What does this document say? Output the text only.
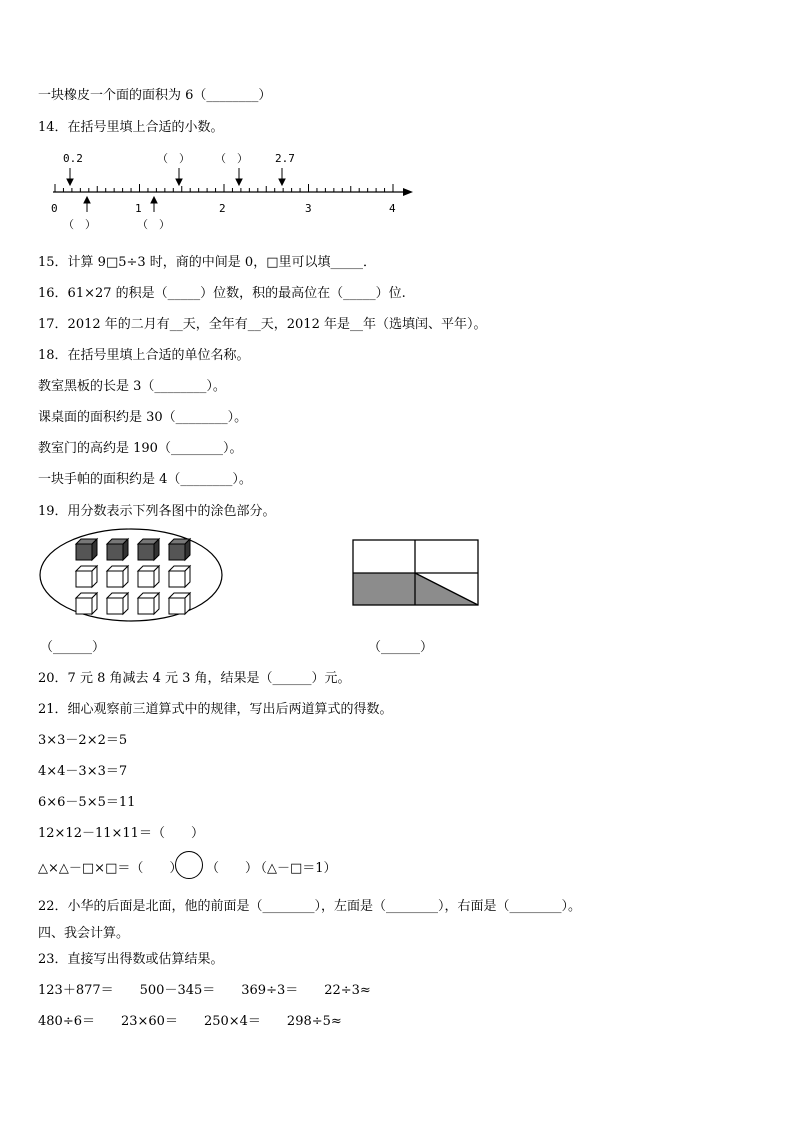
一块橡皮一个面的面积为 6（________）
14．在括号里填上合适的小数。
0	1	2	3	4
0.2	（　） （　） 2.7
（　）	（　）
15．计算 9□5÷3 时，商的中间是 0，□里可以填_____．
16．61×27 的积是（_____）位数，积的最高位在（_____）位.
17．2012 年的二月有__天，全年有__天，2012 年是__年（选填闰、平年）。
18．在括号里填上合适的单位名称。
教室黑板的长是 3（________）。
课桌面的面积约是 30（________）。
教室门的高约是 190（________）。
一块手帕的面积约是 4（________）。
19．用分数表示下列各图中的涂色部分。
（______）	（______）
20．7 元 8 角减去 4 元 3 角，结果是（______）元。
21．细心观察前三道算式中的规律，写出后两道算式的得数。
3×3－2×2＝5
4×4－3×3＝7
6×6－5×5＝11
12×12－11×11＝（　　）
△×△－□×□＝（　　） （　　）
（△－□＝1）
22．小华的后面是北面，他的前面是（________），左面是（________），右面是（________）。
四、我会计算。
23．直接写出得数或估算结果。
123＋877＝　　500－345＝　　369÷3＝　　22÷3≈
480÷6＝　　23×60＝　　250×4＝　　298÷5≈
